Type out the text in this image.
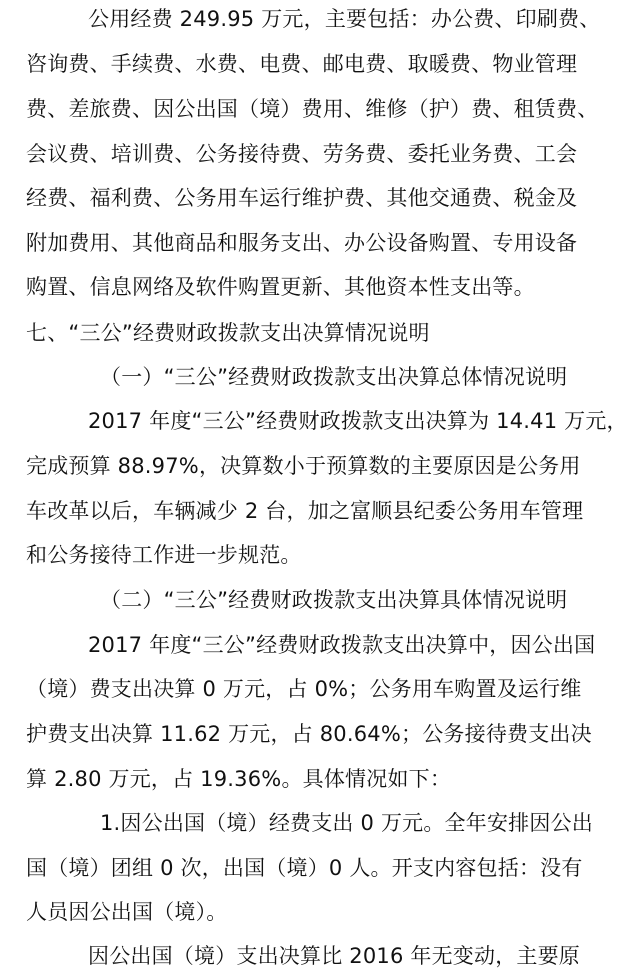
公用经费 249.95 万元，主要包括：办公费、印刷费、
咨询费、手续费、水费、电费、邮电费、取暖费、物业管理
费、差旅费、因公出国（境）费用、维修（护）费、租赁费、
会议费、培训费、公务接待费、劳务费、委托业务费、工会
经费、福利费、公务用车运行维护费、其他交通费、税金及
附加费用、其他商品和服务支出、办公设备购置、专用设备
购置、信息网络及软件购置更新、其他资本性支出等。
七、“三公”经费财政拨款支出决算情况说明
（一）“三公”经费财政拨款支出决算总体情况说明
2017 年度“三公”经费财政拨款支出决算为 14.41 万元，
完成预算 88.97%，决算数小于预算数的主要原因是公务用
车改革以后，车辆减少 2 台，加之富顺县纪委公务用车管理
和公务接待工作进一步规范。
（二）“三公”经费财政拨款支出决算具体情况说明
2017 年度“三公”经费财政拨款支出决算中，因公出国
（境）费支出决算 0 万元，占 0%；公务用车购置及运行维
护费支出决算 11.62 万元，占 80.64%；公务接待费支出决
算 2.80 万元，占 19.36%。具体情况如下：
1.因公出国（境）经费支出 0 万元。全年安排因公出
国（境）团组 0 次，出国（境）0 人。开支内容包括：没有
人员因公出国（境）。
因公出国（境）支出决算比 2016 年无变动，主要原
